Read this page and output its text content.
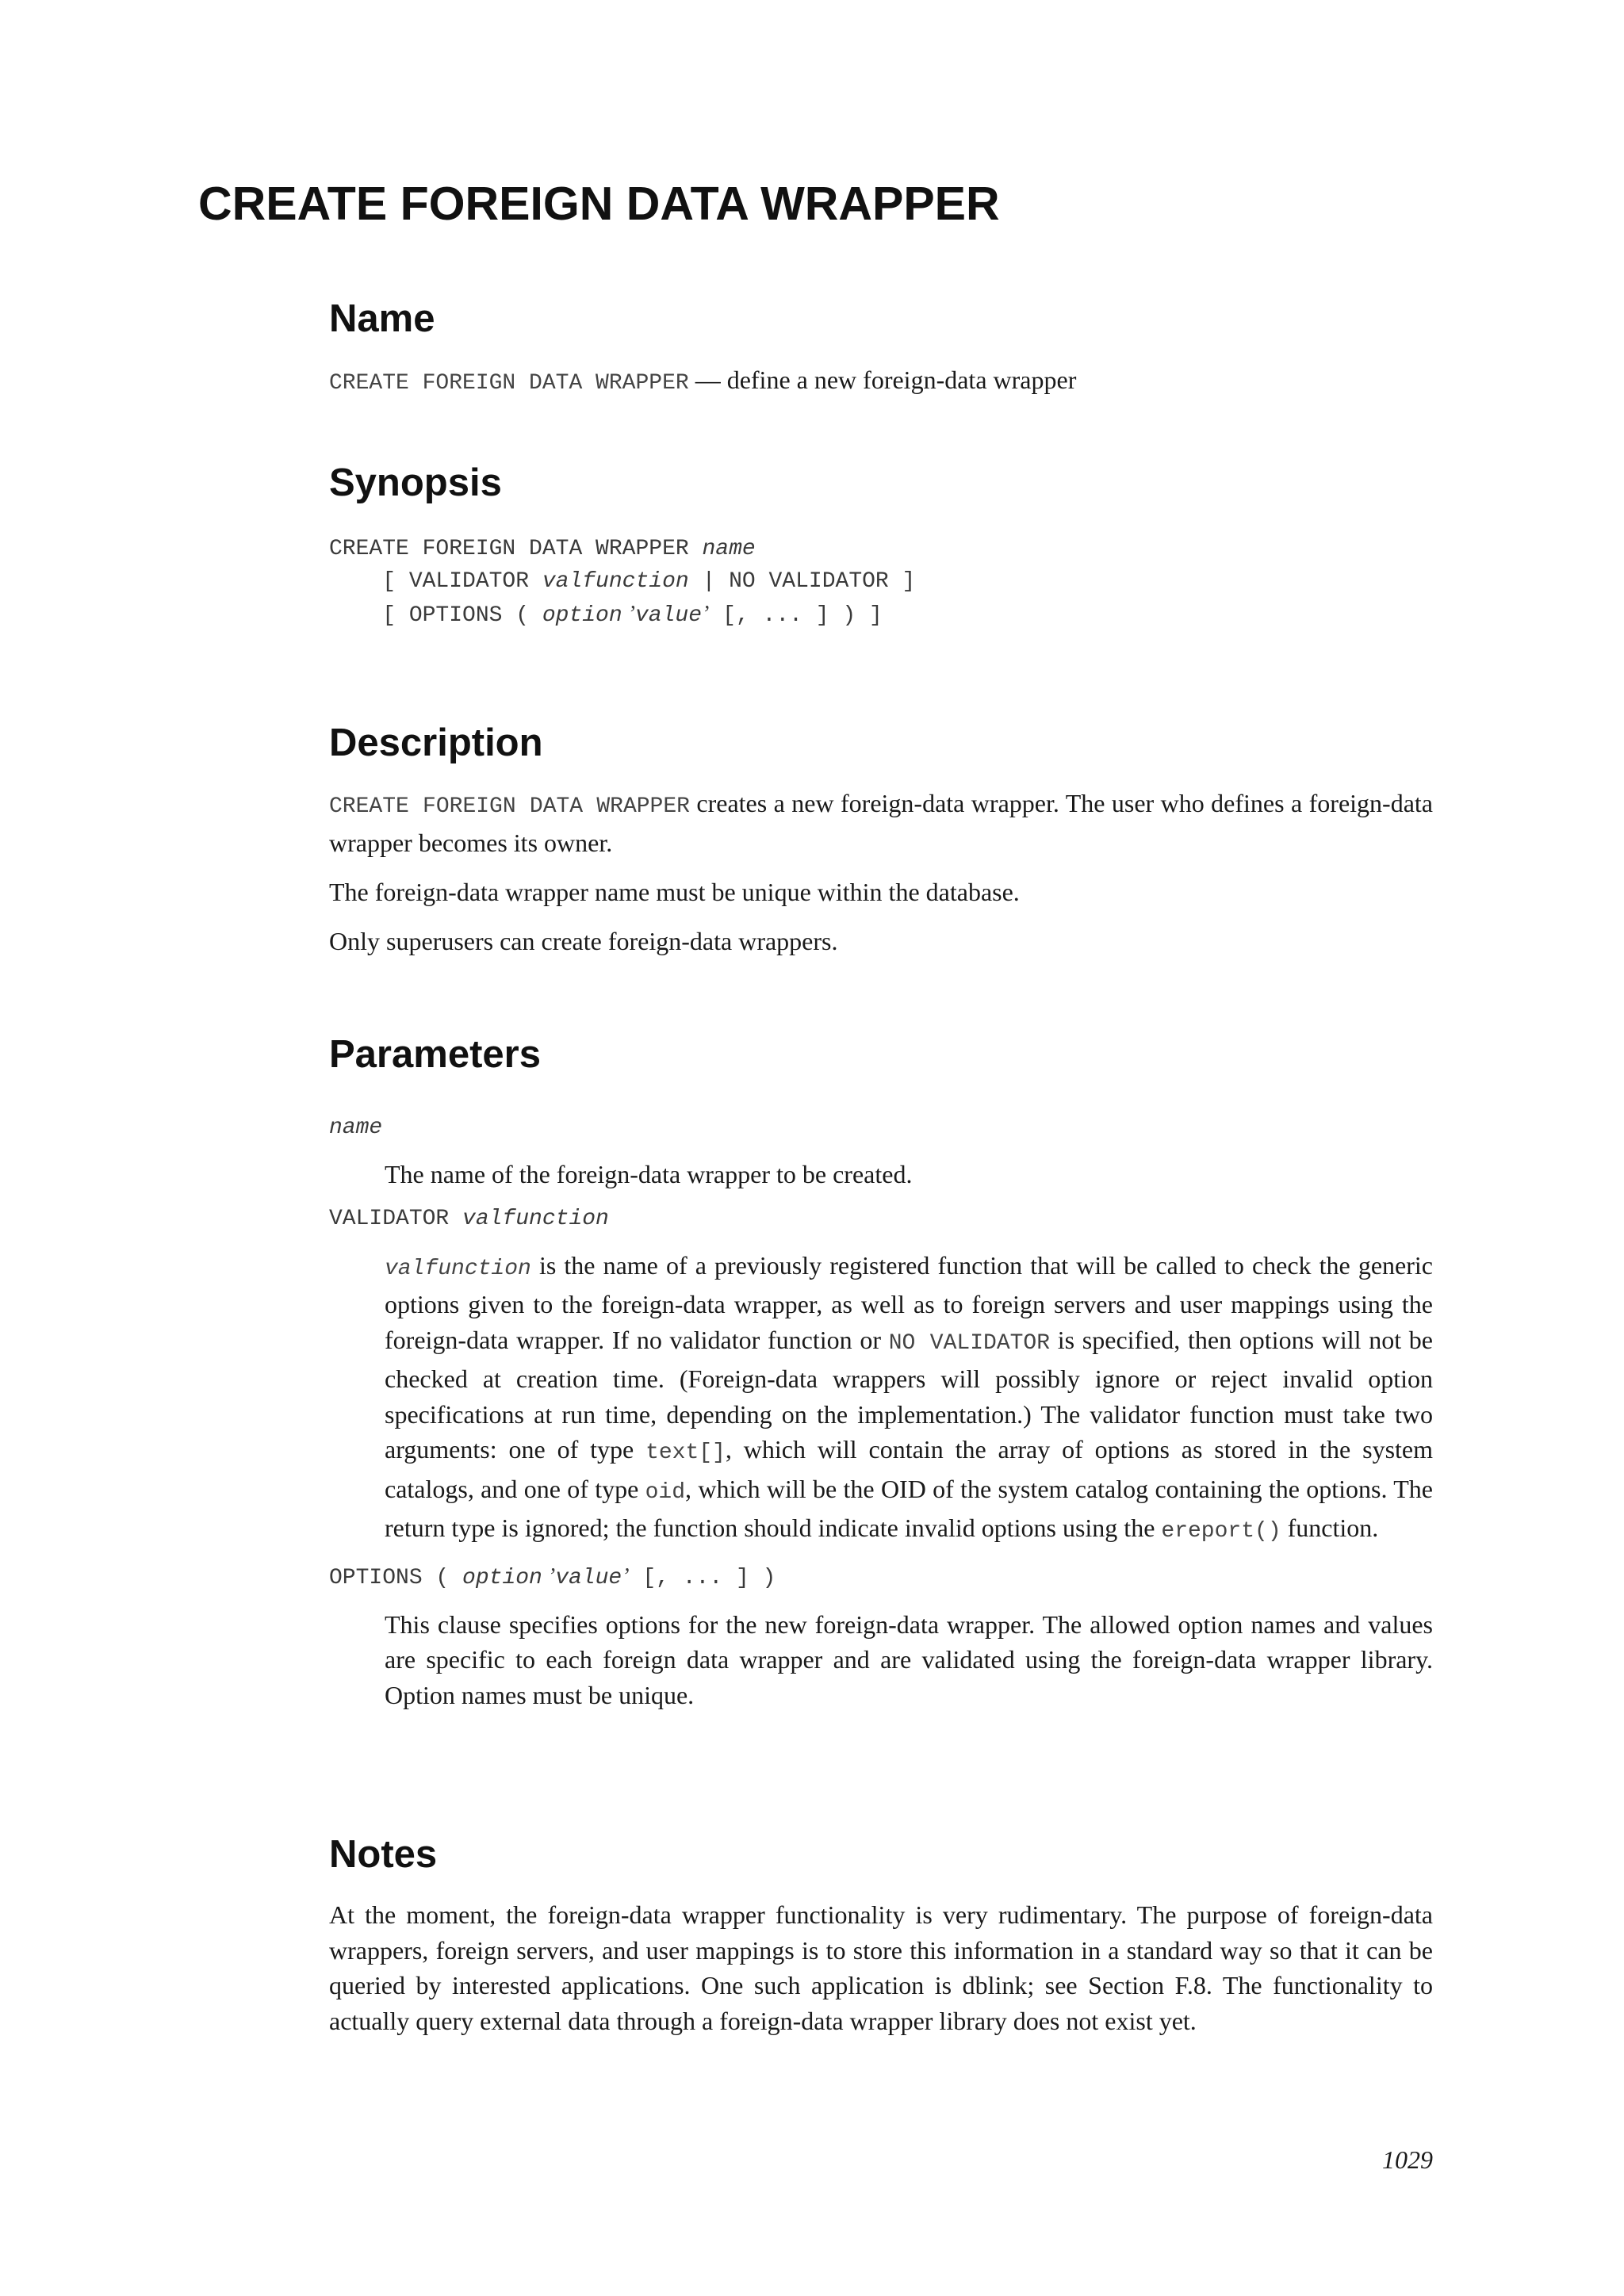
CREATE FOREIGN DATA WRAPPER
Name

CREATE FOREIGN DATA WRAPPER — define a new foreign-data wrapper

Synopsis
CREATE FOREIGN DATA WRAPPER name
[ VALIDATOR valfunction | NO VALIDATOR ]
[ OPTIONS ( option ’value’ [, ... ] ) ]
Description

CREATE FOREIGN DATA WRAPPER creates a new foreign-data wrapper. The user who defines a foreign-data wrapper becomes its owner.

The foreign-data wrapper name must be unique within the database.

Only superusers can create foreign-data wrappers.

Parameters
name

The name of the foreign-data wrapper to be created.

VALIDATOR valfunction

valfunction is the name of a previously registered function that will be called to check the generic options given to the foreign-data wrapper, as well as to foreign servers and user mappings using the foreign-data wrapper. If no validator function or NO VALIDATOR is specified, then options will not be checked at creation time. (Foreign-data wrappers will possibly ignore or reject invalid option specifications at run time, depending on the implementation.) The validator function must take two arguments: one of type text[], which will contain the array of options as stored in the system catalogs, and one of type oid, which will be the OID of the system catalog containing the options. The return type is ignored; the function should indicate invalid options using the ereport() function.

OPTIONS ( option ’value’ [, ... ] )

This clause specifies options for the new foreign-data wrapper. The allowed option names and values are specific to each foreign data wrapper and are validated using the foreign-data wrapper library. Option names must be unique.

Notes

At the moment, the foreign-data wrapper functionality is very rudimentary. The purpose of foreign-data wrappers, foreign servers, and user mappings is to store this information in a standard way so that it can be queried by interested applications. One such application is dblink; see Section F.8. The functionality to actually query external data through a foreign-data wrapper library does not exist yet.

1029
